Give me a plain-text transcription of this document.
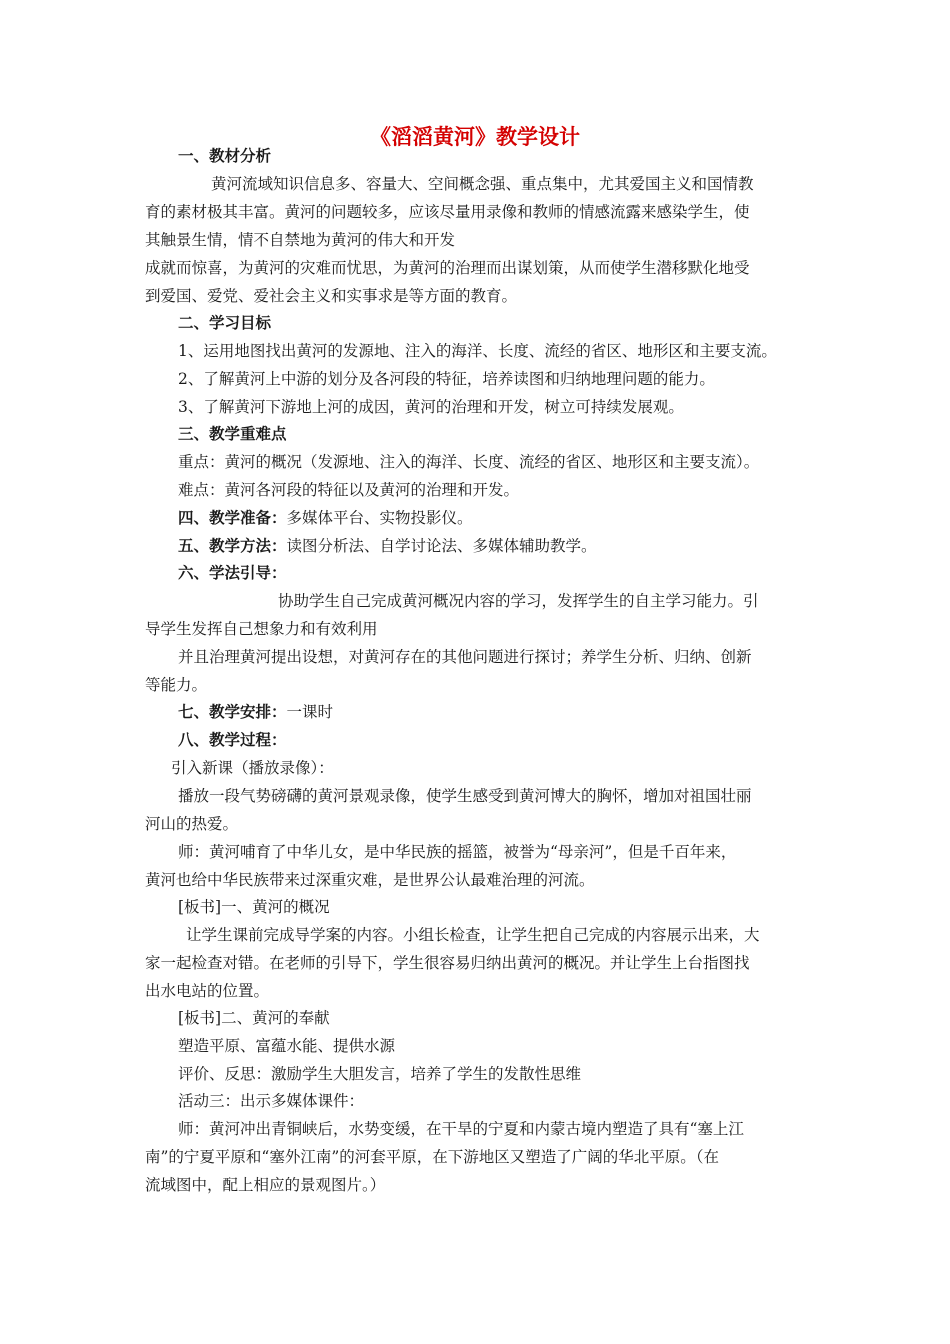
《滔滔黄河》教学设计
一、教材分析
黄河流域知识信息多、容量大、空间概念强、重点集中，尤其爱国主义和国情教
育的素材极其丰富。黄河的问题较多，应该尽量用录像和教师的情感流露来感染学生，使
其触景生情，情不自禁地为黄河的伟大和开发
成就而惊喜，为黄河的灾难而忧思，为黄河的治理而出谋划策，从而使学生潜移默化地受
到爱国、爱党、爱社会主义和实事求是等方面的教育。
二、学习目标
1、运用地图找出黄河的发源地、注入的海洋、长度、流经的省区、地形区和主要支流。
2、了解黄河上中游的划分及各河段的特征，培养读图和归纳地理问题的能力。
3、了解黄河下游地上河的成因，黄河的治理和开发，树立可持续发展观。
三、教学重难点
重点：黄河的概况（发源地、注入的海洋、长度、流经的省区、地形区和主要支流）。
难点：黄河各河段的特征以及黄河的治理和开发。
四、教学准备：多媒体平台、实物投影仪。
五、教学方法：读图分析法、自学讨论法、多媒体辅助教学。
六、学法引导：
协助学生自己完成黄河概况内容的学习，发挥学生的自主学习能力。引
导学生发挥自己想象力和有效利用
并且治理黄河提出设想，对黄河存在的其他问题进行探讨；养学生分析、归纳、创新
等能力。
七、教学安排：一课时
八、教学过程：
引入新课（播放录像）：
播放一段气势磅礴的黄河景观录像，使学生感受到黄河博大的胸怀，增加对祖国壮丽
河山的热爱。
师：黄河哺育了中华儿女，是中华民族的摇篮，被誉为“母亲河”，但是千百年来，
黄河也给中华民族带来过深重灾难，是世界公认最难治理的河流。
[板书]一、黄河的概况
让学生课前完成导学案的内容。小组长检查，让学生把自己完成的内容展示出来，大
家一起检查对错。在老师的引导下，学生很容易归纳出黄河的概况。并让学生上台指图找
出水电站的位置。
[板书]二、黄河的奉献
塑造平原、富蕴水能、提供水源
评价、反思：激励学生大胆发言，培养了学生的发散性思维
活动三：出示多媒体课件：
师：黄河冲出青铜峡后，水势变缓，在干旱的宁夏和内蒙古境内塑造了具有“塞上江
南”的宁夏平原和“塞外江南”的河套平原，在下游地区又塑造了广阔的华北平原。（在
流域图中，配上相应的景观图片。）
